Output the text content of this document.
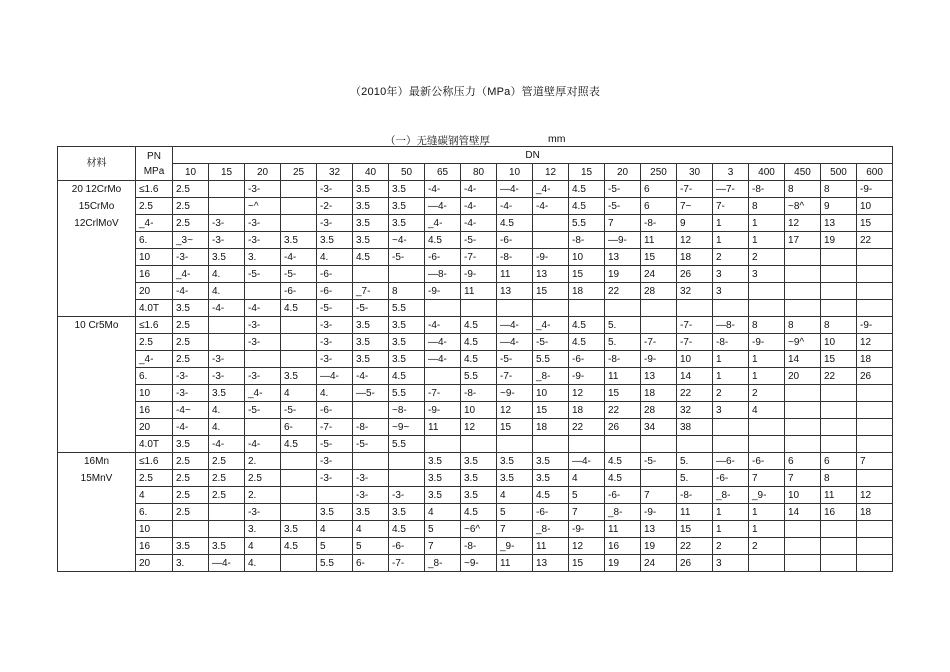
（2010年）最新公称压力（MPa）管道壁厚对照表
（一）无缝碳钢管壁厚	mm
材料	PN
MPa	DN																			
		10	15	20	25	32	40	50	65	80	10	12	15	20	250	30	3	400	450	500	600

20 12CrMo
15CrMo
12CrlMoV	≤1.6	2.5		-3-		-3-	3.5	3.5	-4-	-4-	—4-	_4-	4.5	-5-	6	-7-	—7-	-8-	8	8	-9-
	2.5	2.5		~^		-2-	3.5	3.5	—4-	-4-	-4-	-4-	4.5	-5-	6	7~	7-	8	~8^	9	10
	_4-	2.5	-3-	-3-		-3-	3.5	3.5	_4-	-4-	4.5		5.5	7	-8-	9	1	1	12	13	15
	6.	_3~	-3-	-3-	3.5	3.5	3.5	~4-	4.5	-5-	-6-		-8-	—9-	11	12	1	1	17	19	22
	10	-3-	3.5	3.	-4-	4.	4.5	-5-	-6-	-7-	-8-	-9-	10	13	15	18	2	2			
	16	_4-	4.	-5-	-5-	-6-			—8-	-9-	11	13	15	19	24	26	3	3			
	20	-4-	4.		-6-	-6-	_7-	8	-9-	11	13	15	18	22	28	32	3				
	4.0T	3.5	-4-	-4-	4.5	-5-	-5-	5.5													

10 Cr5Mo	≤1.6	2.5		-3-		-3-	3.5	3.5	-4-	4.5	—4-	_4-	4.5	5.		-7-	—8-	8	8	8	-9-
	2.5	2.5		-3-		-3-	3.5	3.5	—4-	4.5	—4-	-5-	4.5	5.	-7-	-7-	-8-	-9-	~9^	10	12
	_4-	2.5	-3-			-3-	3.5	3.5	—4-	4.5	-5-	5.5	-6-	-8-	-9-	10	1	1	14	15	18
	6.	-3-	-3-	-3-	3.5	—4-	-4-	4.5		5.5	-7-	_8-	-9-	11	13	14	1	1	20	22	26
	10	-3-	3.5	_4-	4	4.	—5-	5.5	-7-	-8-	~9-	10	12	15	18	22	2	2			
	16	-4~	4.	-5-	-5-	-6-		~8-	-9-	10	12	15	18	22	28	32	3	4			
	20	-4-	4.		6-	-7-	-8-	~9~	11	12	15	18	22	26	34	38					
	4.0T	3.5	-4-	-4-	4.5	-5-	-5-	5.5													

16Mn
15MnV	≤1.6	2.5	2.5	2.		-3-			3.5	3.5	3.5	3.5	—4-	4.5	-5-	5.	—6-	-6-	6	6	7
	2.5	2.5	2.5	2.5		-3-	-3-		3.5	3.5	3.5	3.5	4	4.5		5.	-6-	7	7	8	
	4	2.5	2.5	2.			-3-	-3-	3.5	3.5	4	4.5	5	-6-	7	-8-	_8-	_9-	10	11	12
	6.	2.5		-3-		3.5	3.5	3.5	4	4.5	5	-6-	7	_8-	-9-	11	1	1	14	16	18
	10			3.	3.5	4	4	4.5	5	~6^	7	_8-	-9-	11	13	15	1	1			
	16	3.5	3.5	4	4.5	5	5	-6-	7	-8-	_9-	11	12	16	19	22	2	2			
	20	3.	—4-	4.		5.5	6-	-7-	_8-	~9-	11	13	15	19	24	26	3				
